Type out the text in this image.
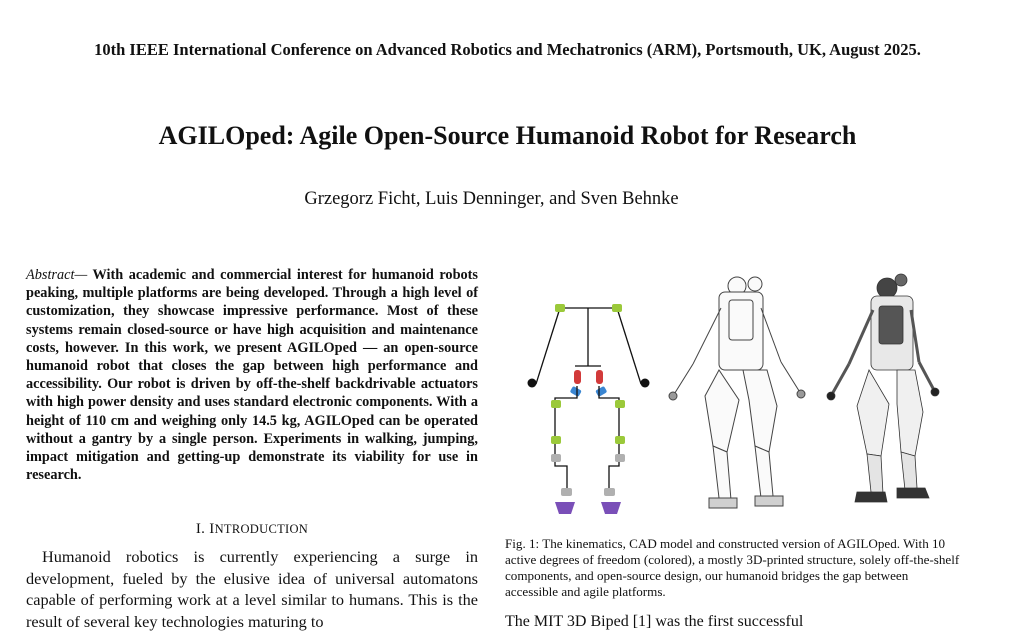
10th IEEE International Conference on Advanced Robotics and Mechatronics (ARM), Portsmouth, UK, August 2025.
AGILOped: Agile Open-Source Humanoid Robot for Research
Grzegorz Ficht, Luis Denninger, and Sven Behnke
Abstract— With academic and commercial interest for humanoid robots peaking, multiple platforms are being developed. Through a high level of customization, they showcase impressive performance. Most of these systems remain closed-source or have high acquisition and maintenance costs, however. In this work, we present AGILOped — an open-source humanoid robot that closes the gap between high performance and accessibility. Our robot is driven by off-the-shelf backdrivable actuators with high power density and uses standard electronic components. With a height of 110 cm and weighing only 14.5 kg, AGILOped can be operated without a gantry by a single person. Experiments in walking, jumping, impact mitigation and getting-up demonstrate its viability for use in research.
I. INTRODUCTION

Humanoid robotics is currently experiencing a surge in development, fueled by the elusive idea of universal automatons capable of performing work at a level similar to humans. This is the result of several key technologies maturing to

Fig. 1: The kinematics, CAD model and constructed version of AGILOped. With 10 active degrees of freedom (colored), a mostly 3D-printed structure, solely off-the-shelf components, and open-source design, our humanoid bridges the gap between accessible and agile platforms.
The MIT 3D Biped [1] was the first successful
